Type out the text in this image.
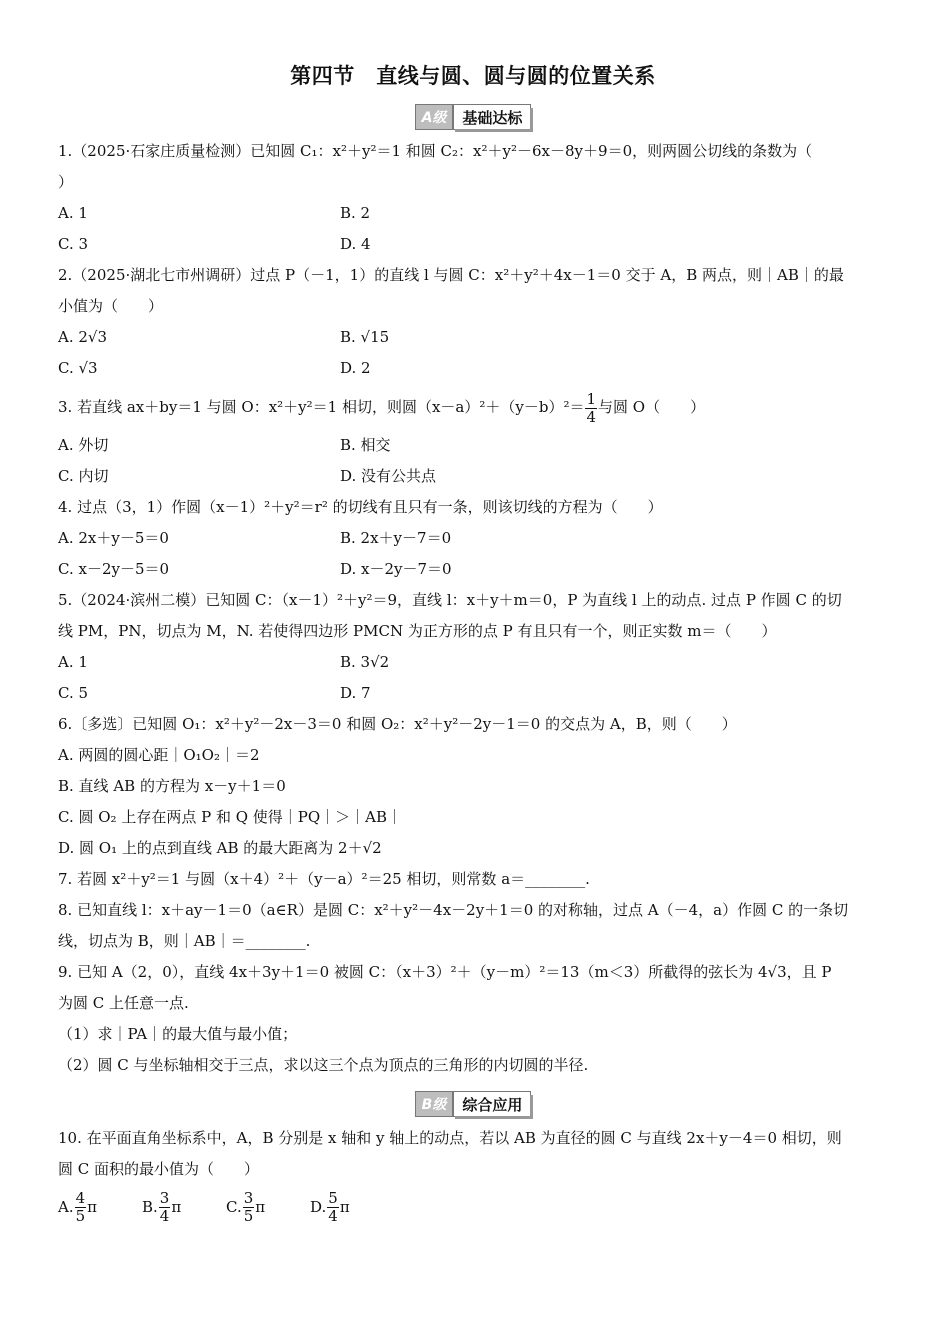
第四节　直线与圆、圆与圆的位置关系
A级	基础达标
1.（2025·石家庄质量检测）已知圆 C₁：x²＋y²＝1 和圆 C₂：x²＋y²－6x－8y＋9＝0，则两圆公切线的条数为（
）
A. 1	B. 2
C. 3	D. 4
2.（2025·湖北七市州调研）过点 P（－1，1）的直线 l 与圆 C：x²＋y²＋4x－1＝0 交于 A，B 两点，则｜AB｜的最
小值为（　　）
A. 2√3	B. √15
C. √3	D. 2
3. 若直线 ax＋by＝1 与圆 O：x²＋y²＝1 相切，则圆$(x-a)^2+(y-b)^2= \frac{1}{4}$ 与圆 O（　　）
A. 外切	B. 相交
C. 内切	D. 没有公共点
4. 过点（3，1）作圆（x－1）²＋y²＝r² 的切线有且只有一条，则该切线的方程为（　　）
A. 2x＋y－5＝0	B. 2x＋y－7＝0
C. x－2y－5＝0	D. x－2y－7＝0
5.（2024·滨州二模）已知圆 C：（x－1）²＋y²＝9，直线 l：x＋y＋m＝0，P 为直线 l 上的动点. 过点 P 作圆 C 的切
线 PM，PN，切点为 M，N. 若使得四边形 PMCN 为正方形的点 P 有且只有一个，则正实数 m＝（　　）
A. 1	B. 3√2
C. 5	D. 7
6.〔多选〕已知圆 O₁：x²＋y²－2x－3＝0 和圆 O₂：x²＋y²－2y－1＝0 的交点为 A，B，则（　　）
A. 两圆的圆心距｜O₁O₂｜＝2
B. 直线 AB 的方程为 x－y＋1＝0
C. 圆 O₂ 上存在两点 P 和 Q 使得｜PQ｜＞｜AB｜
D. 圆 O₁ 上的点到直线 AB 的最大距离为 2＋√2
7. 若圆 x²＋y²＝1 与圆（x＋4）²＋（y－a）²＝25 相切，则常数 a＝________.
8. 已知直线 l：x＋ay－1＝0（a∈R）是圆 C：x²＋y²－4x－2y＋1＝0 的对称轴，过点 A（－4，a）作圆 C 的一条切
线，切点为 B，则｜AB｜＝________.
9. 已知 A（2，0），直线 4x＋3y＋1＝0 被圆 C：（x＋3）²＋（y－m）²＝13（m＜3）所截得的弦长为 4√3，且 P
为圆 C 上任意一点.
（1）求｜PA｜的最大值与最小值；
（2）圆 C 与坐标轴相交于三点，求以这三个点为顶点的三角形的内切圆的半径.
B级	综合应用
10. 在平面直角坐标系中，A，B 分别是 x 轴和 y 轴上的动点，若以 AB 为直径的圆 C 与直线 2x＋y－4＝0 相切，则
圆 C 面积的最小值为（　　）
A. $\frac{4}{5}$ π	B. $\frac{3}{4}$ π	C. $\frac{3}{5}$ π	D. $\frac{5}{4}$ π
